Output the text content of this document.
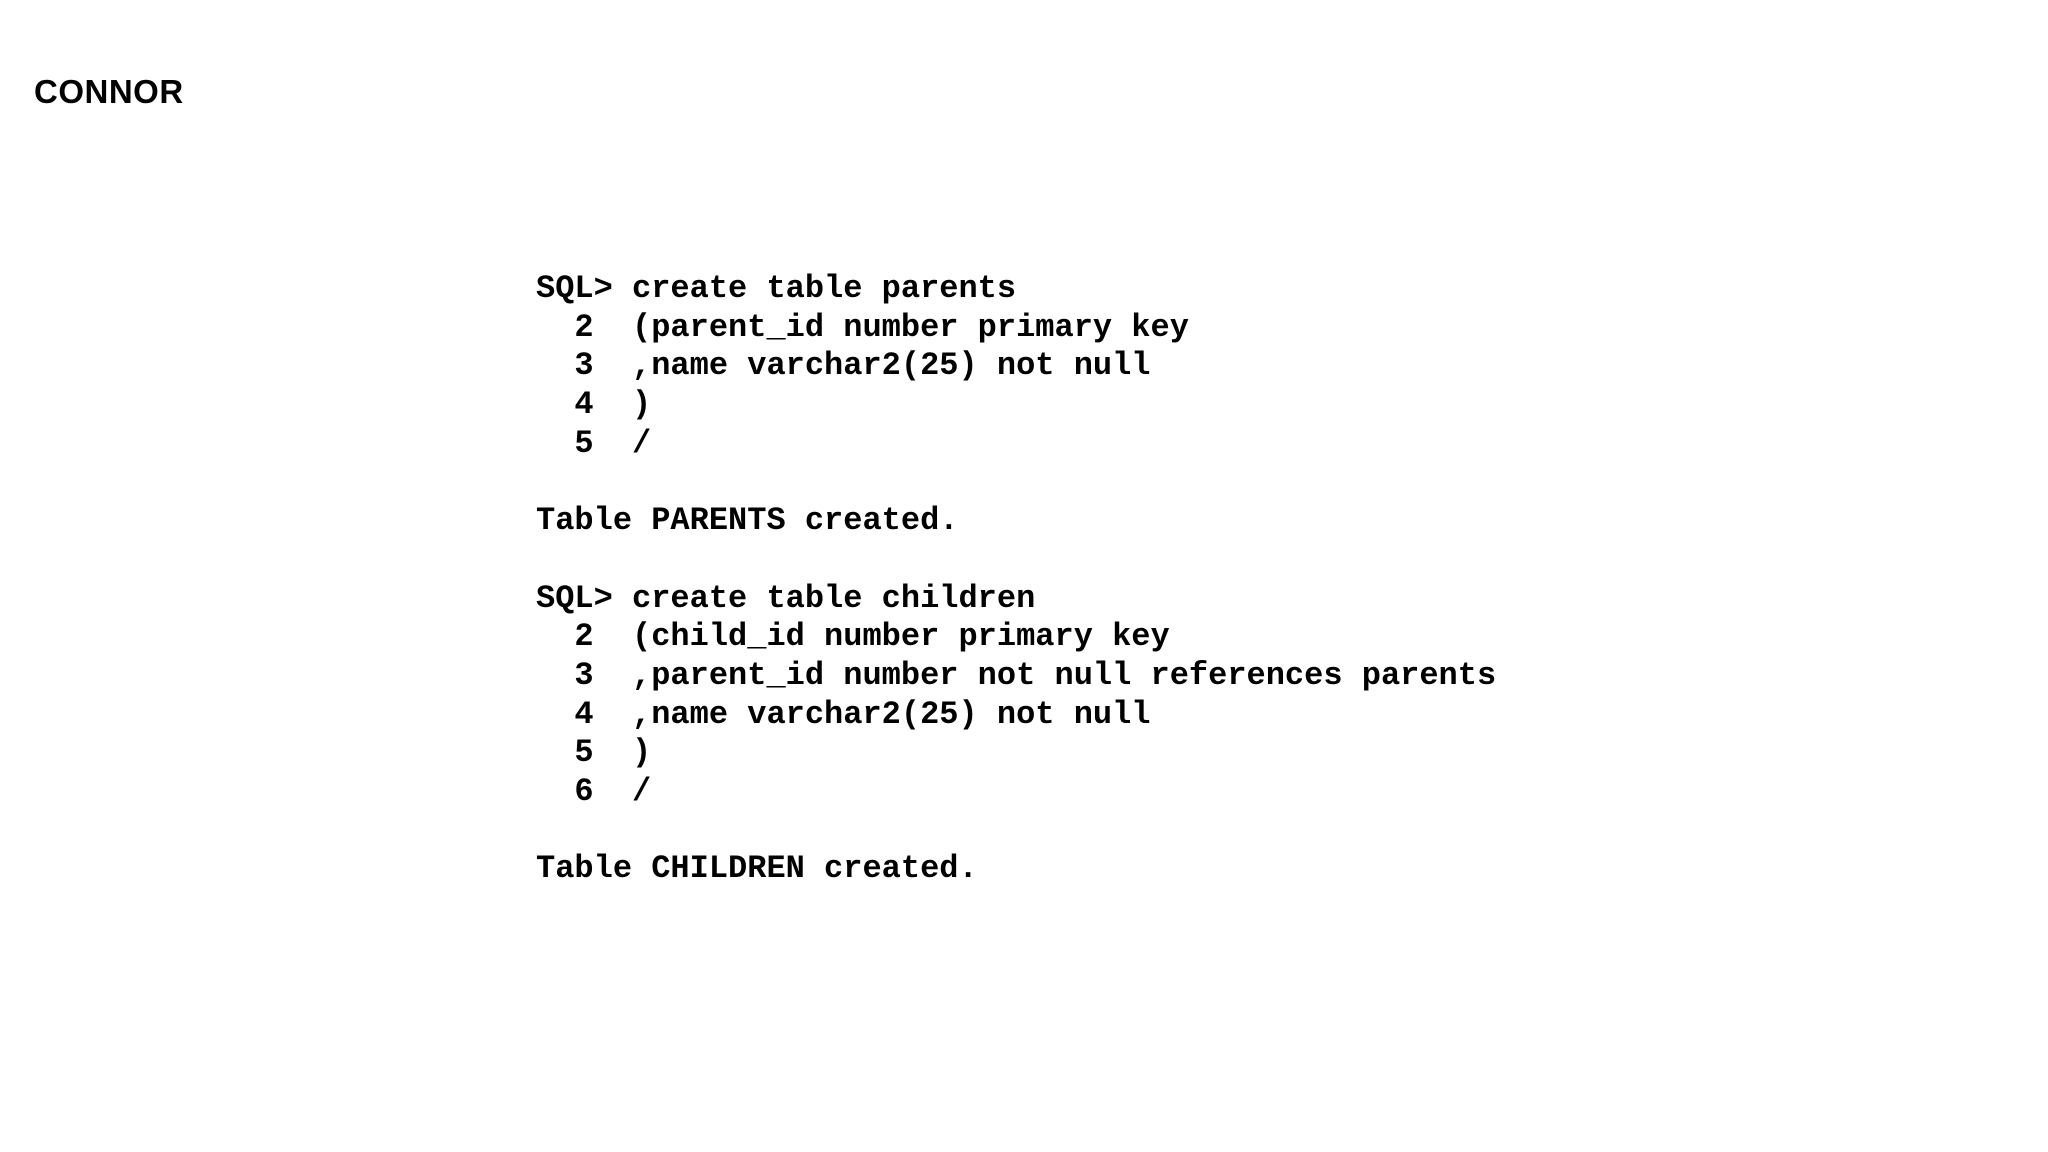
CONNOR
SQL> create table parents
2  (parent_id number primary key
3  ,name varchar2(25) not null
4  )
5  /
Table PARENTS created.
SQL> create table children
2  (child_id number primary key
3  ,parent_id number not null references parents
4  ,name varchar2(25) not null
5  )
6  /
Table CHILDREN created.
